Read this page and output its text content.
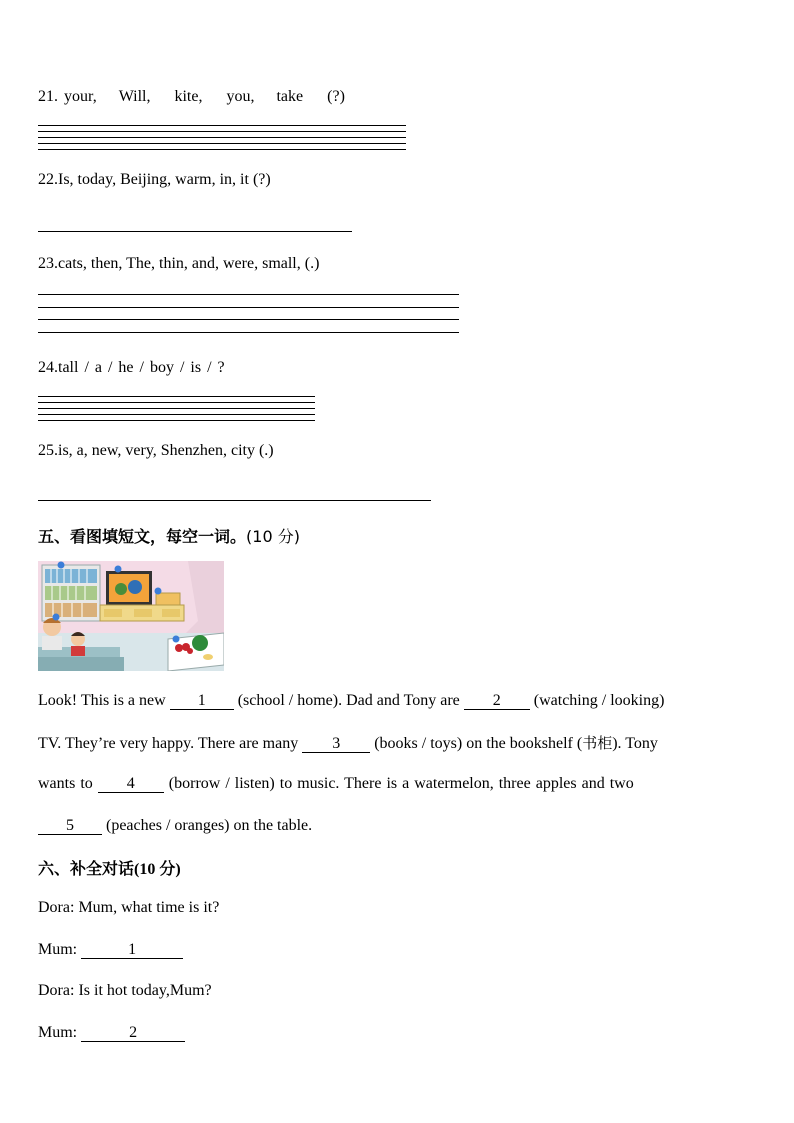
21. your, Will, kite, you, take (?)
22.Is, today, Beijing, warm, in, it (?)
23.cats, then, The, thin, and, were, small, (.)
24.tall / a / he / boy / is / ?
25.is, a, new, very, Shenzhen, city (.)
五、看图填短文，每空一词。(10 分)
Look! This is a new 1 (school / home). Dad and Tony are 2 (watching / looking)
TV. They’re very happy. There are many 3 (books / toys) on the bookshelf (书柜). Tony
wants to 4 (borrow / listen) to music. There is a watermelon, three apples and two
5 (peaches / oranges) on the table.
六、补全对话(10 分)
Dora: Mum, what time is it?
Mum:	1
Dora: Is it hot today,Mum?
Mum:	2
